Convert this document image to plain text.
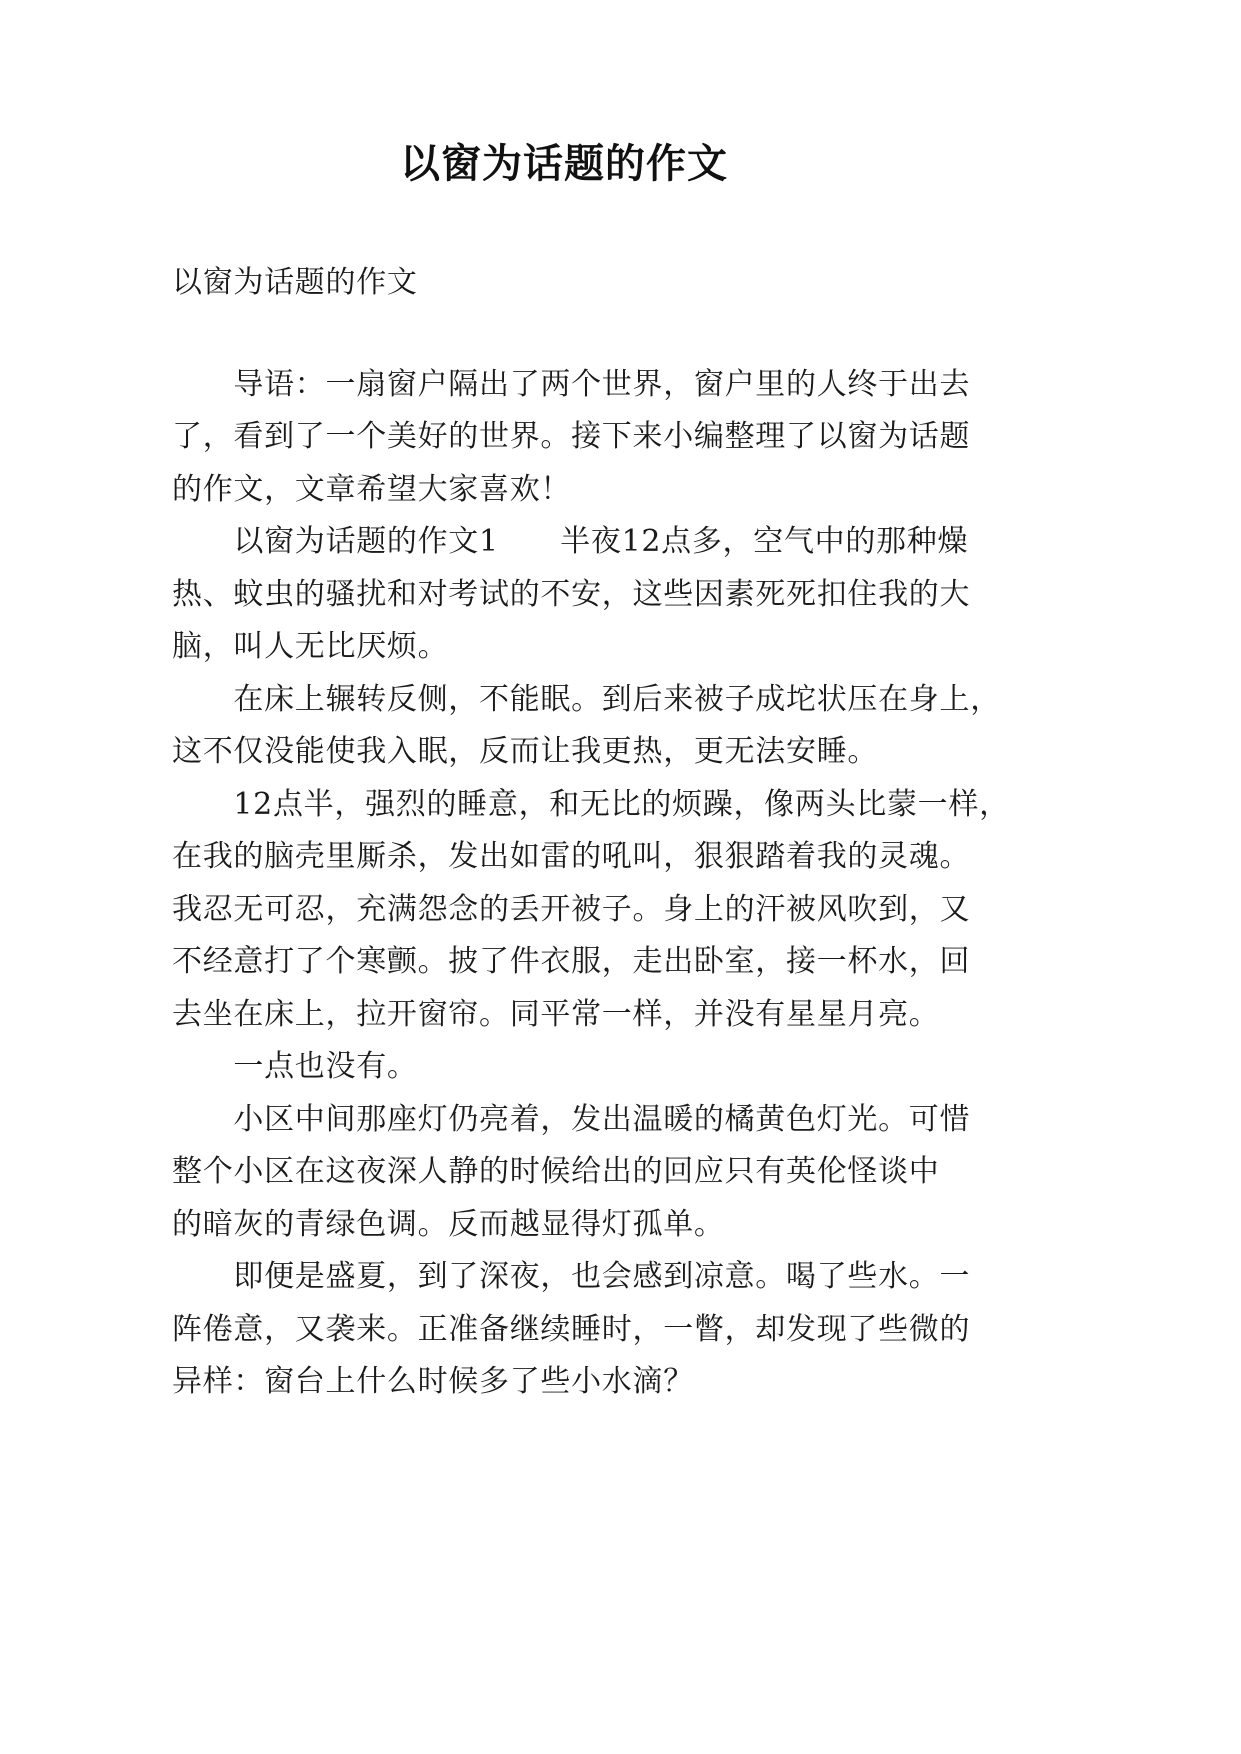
以窗为话题的作文
以窗为话题的作文
导语：一扇窗户隔出了两个世界，窗户里的人终于出去
了，看到了一个美好的世界。接下来小编整理了以窗为话题
的作文，文章希望大家喜欢！
以窗为话题的作文1　　半夜12点多，空气中的那种燥
热、蚊虫的骚扰和对考试的不安，这些因素死死扣住我的大
脑，叫人无比厌烦。
在床上辗转反侧，不能眠。到后来被子成坨状压在身上，
这不仅没能使我入眠，反而让我更热，更无法安睡。
12点半，强烈的睡意，和无比的烦躁，像两头比蒙一样，
在我的脑壳里厮杀，发出如雷的吼叫，狠狠踏着我的灵魂。
我忍无可忍，充满怨念的丢开被子。身上的汗被风吹到，又
不经意打了个寒颤。披了件衣服，走出卧室，接一杯水，回
去坐在床上，拉开窗帘。同平常一样，并没有星星月亮。
一点也没有。
小区中间那座灯仍亮着，发出温暖的橘黄色灯光。可惜
整个小区在这夜深人静的时候给出的回应只有英伦怪谈中
的暗灰的青绿色调。反而越显得灯孤单。
即便是盛夏，到了深夜，也会感到凉意。喝了些水。一
阵倦意，又袭来。正准备继续睡时，一瞥，却发现了些微的
异样：窗台上什么时候多了些小水滴？
